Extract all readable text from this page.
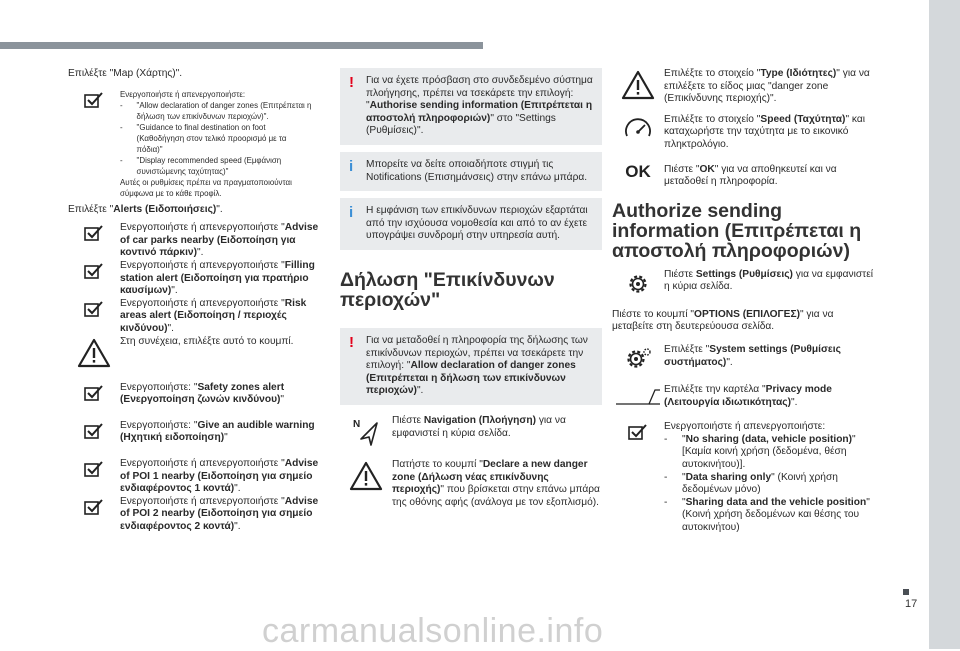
Επιλέξτε "Map (Χάρτης)".

Ενεργοποιήστε ή απενεργοποιήστε:

- "Allow declaration of danger zones (Επιτρέπεται η δήλωση των επικίνδυνων περιοχών)".
- "Guidance to final destination on foot (Καθοδήγηση στον τελικό προορισμό με τα πόδια)"
- "Display recommended speed (Εμφάνιση συνιστώμενης ταχύτητας)"

Αυτές οι ρυθμίσεις πρέπει να πραγματοποιούνται σύμφωνα με το κάθε προφίλ.

Επιλέξτε "Alerts (Ειδοποιήσεις)".

Ενεργοποιήστε ή απενεργοποιήστε "Advise of car parks nearby (Ειδοποίηση για κοντινό πάρκιν)".

Ενεργοποιήστε ή απενεργοποιήστε "Filling station alert (Ειδοποίηση για πρατήριο καυσίμων)".

Ενεργοποιήστε ή απενεργοποιήστε "Risk areas alert (Ειδοποίηση / περιοχές κινδύνου)".

Στη συνέχεια, επιλέξτε αυτό το κουμπί.

Ενεργοποιήστε: "Safety zones alert (Ενεργοποίηση ζωνών κινδύνου)"

Ενεργοποιήστε: "Give an audible warning (Ηχητική ειδοποίηση)"

Ενεργοποιήστε ή απενεργοποιήστε "Advise of POI 1 nearby (Ειδοποίηση για σημείο ενδιαφέροντος 1 κοντά)".

Ενεργοποιήστε ή απενεργοποιήστε "Advise of POI 2 nearby (Ειδοποίηση για σημείο ενδιαφέροντος 2 κοντά)".

! Για να έχετε πρόσβαση στο συνδεδεμένο σύστημα πλοήγησης, πρέπει να τσεκάρετε την επιλογή: "Authorise sending information (Επιτρέπεται η αποστολή πληροφοριών)" στο "Settings (Ρυθμίσεις)".

i Μπορείτε να δείτε οποιαδήποτε στιγμή τις Notifications (Επισημάνσεις) στην επάνω μπάρα.

i Η εμφάνιση των επικίνδυνων περιοχών εξαρτάται από την ισχύουσα νομοθεσία και από το αν έχετε υπογράψει συνδρομή στην υπηρεσία αυτή.

Δήλωση "Επικίνδυνων περιοχών"
! Για να μεταδοθεί η πληροφορία της δήλωσης των επικίνδυνων περιοχών, πρέπει να τσεκάρετε την επιλογή: "Allow declaration of danger zones (Επιτρέπεται η δήλωση των επικίνδυνων περιοχών)".

N	Πιέστε Navigation (Πλοήγηση) για να εμφανιστεί η κύρια σελίδα.

Πατήστε το κουμπί "Declare a new danger zone (Δήλωση νέας επικίνδυνης περιοχής)" που βρίσκεται στην επάνω μπάρα της οθόνης αφής (ανάλογα με τον εξοπλισμό).

Επιλέξτε το στοιχείο "Type (Ιδιότητες)" για να επιλέξετε το είδος μιας "danger zone (Επικίνδυνης περιοχής)".

Επιλέξτε το στοιχείο "Speed (Ταχύτητα)" και καταχωρήστε την ταχύτητα με το εικονικό πληκτρολόγιο.

OK Πιέστε "OK" για να αποθηκευτεί και να μεταδοθεί η πληροφορία.

Authorize sending information (Επιτρέπεται η αποστολή πληροφοριών)

Πιέστε Settings (Ρυθμίσεις) για να εμφανιστεί η κύρια σελίδα.

Πιέστε το κουμπί "OPTIONS (ΕΠΙΛΟΓΕΣ)" για να μεταβείτε στη δευτερεύουσα σελίδα.

Επιλέξτε "System settings (Ρυθμίσεις συστήματος)".

Επιλέξτε την καρτέλα "Privacy mode (Λειτουργία ιδιωτικότητας)".

Ενεργοποιήστε ή απενεργοποιήστε:

- "No sharing (data, vehicle position)" [Καμία κοινή χρήση (δεδομένα, θέση αυτοκινήτου)].
- "Data sharing only" (Κοινή χρήση δεδομένων μόνο)
- "Sharing data and the vehicle position" (Κοινή χρήση δεδομένων και θέσης του αυτοκινήτου)
17
carmanualsonline.info
